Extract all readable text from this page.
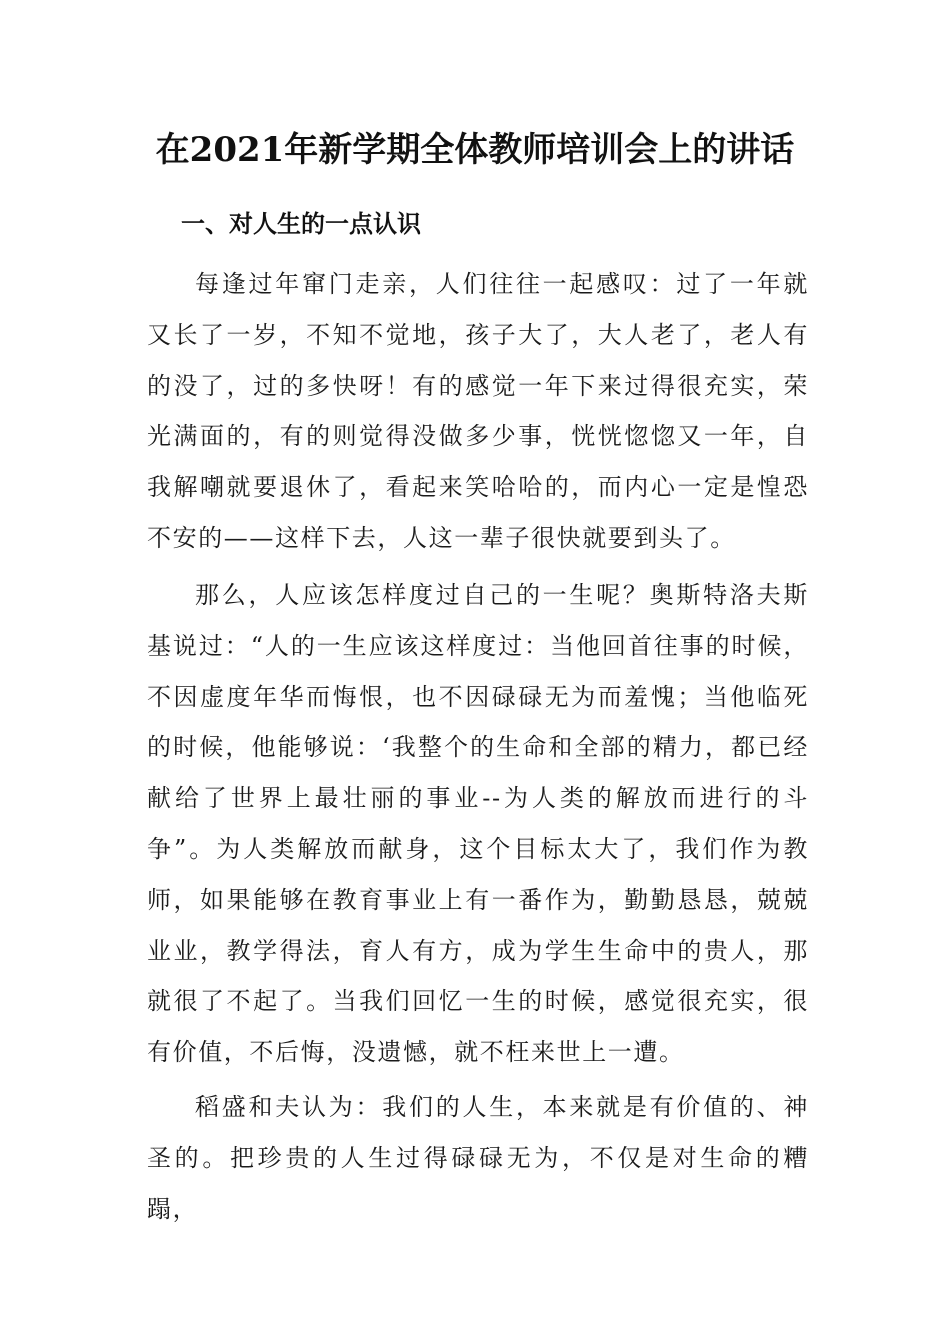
在2021年新学期全体教师培训会上的讲话
一、对人生的一点认识

每逢过年窜门走亲，人们往往一起感叹：过了一年就又长了一岁，不知不觉地，孩子大了，大人老了，老人有的没了，过的多快呀！有的感觉一年下来过得很充实，荣光满面的，有的则觉得没做多少事，恍恍惚惚又一年，自我解嘲就要退休了，看起来笑哈哈的，而内心一定是惶恐不安的——这样下去，人这一辈子很快就要到头了。

那么，人应该怎样度过自己的一生呢？奥斯特洛夫斯基说过：“人的一生应该这样度过：当他回首往事的时候，不因虚度年华而悔恨，也不因碌碌无为而羞愧；当他临死的时候，他能够说：‘我整个的生命和全部的精力，都已经献给了世界上最壮丽的事业--为人类的解放而进行的斗争”。为人类解放而献身，这个目标太大了，我们作为教师，如果能够在教育事业上有一番作为，勤勤恳恳，兢兢业业，教学得法，育人有方，成为学生生命中的贵人，那就很了不起了。当我们回忆一生的时候，感觉很充实，很有价值，不后悔，没遗憾，就不枉来世上一遭。

稻盛和夫认为：我们的人生，本来就是有价值的、神圣的。把珍贵的人生过得碌碌无为，不仅是对生命的糟蹋，
